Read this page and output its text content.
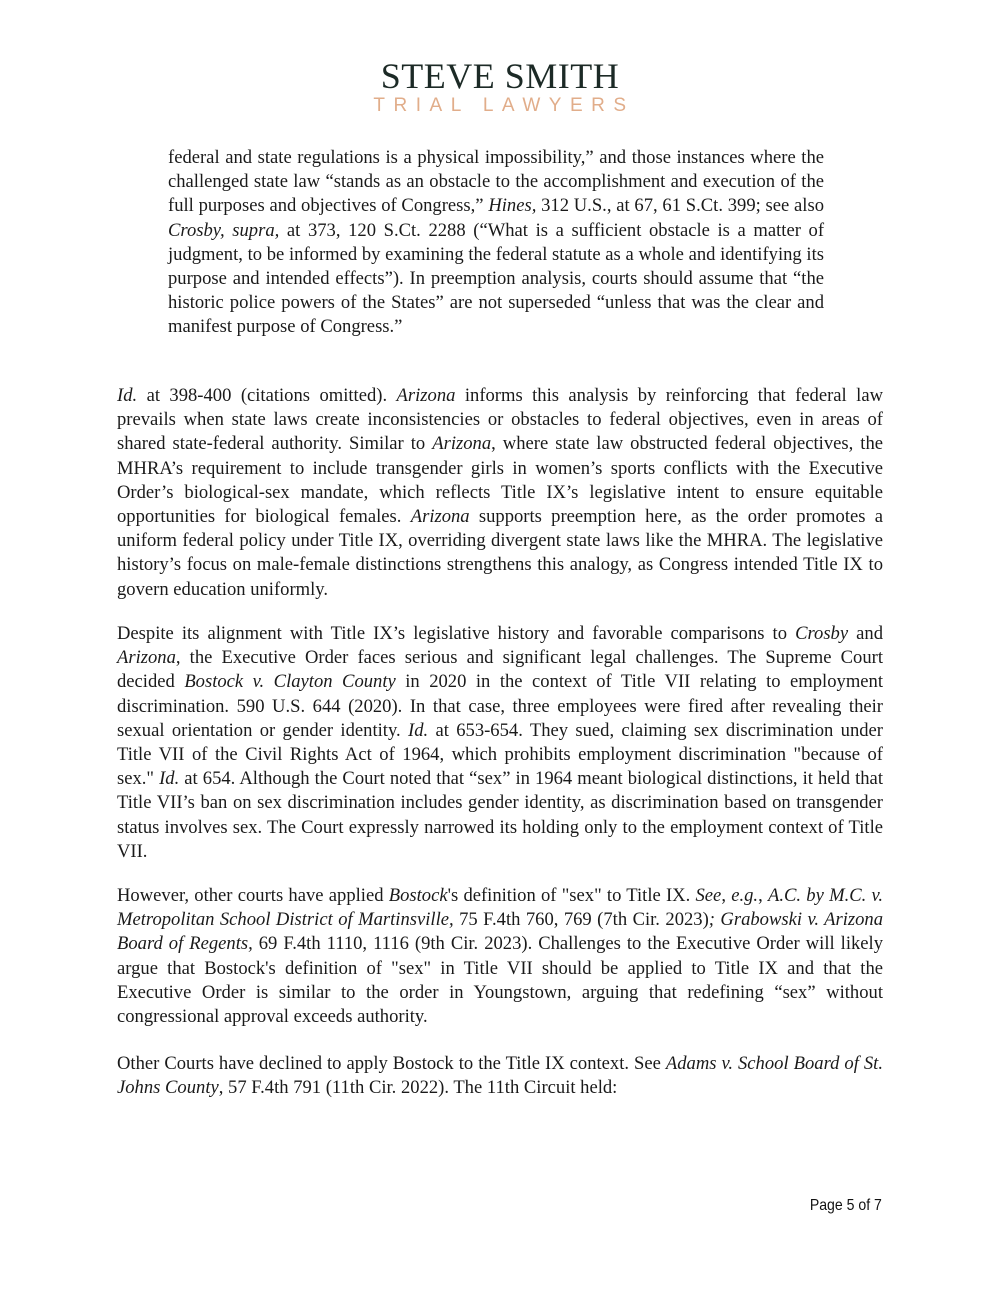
STEVE SMITH
TRIAL LAWYERS

federal and state regulations is a physical impossibility,” and those instances where the challenged state law “stands as an obstacle to the accomplishment and execution of the full purposes and objectives of Congress,” Hines, 312 U.S., at 67, 61 S.Ct. 399; see also Crosby, supra, at 373, 120 S.Ct. 2288 (“What is a sufficient obstacle is a matter of judgment, to be informed by examining the federal statute as a whole and identifying its purpose and intended effects”). In preemption analysis, courts should assume that “the historic police powers of the States” are not superseded “unless that was the clear and manifest purpose of Congress.”

Id. at 398-400 (citations omitted). Arizona informs this analysis by reinforcing that federal law prevails when state laws create inconsistencies or obstacles to federal objectives, even in areas of shared state-federal authority. Similar to Arizona, where state law obstructed federal objectives, the MHRA’s requirement to include transgender girls in women’s sports conflicts with the Executive Order’s biological-sex mandate, which reflects Title IX’s legislative intent to ensure equitable opportunities for biological females. Arizona supports preemption here, as the order promotes a uniform federal policy under Title IX, overriding divergent state laws like the MHRA. The legislative history’s focus on male-female distinctions strengthens this analogy, as Congress intended Title IX to govern education uniformly.

Despite its alignment with Title IX’s legislative history and favorable comparisons to Crosby and Arizona, the Executive Order faces serious and significant legal challenges. The Supreme Court decided Bostock v. Clayton County in 2020 in the context of Title VII relating to employment discrimination. 590 U.S. 644 (2020). In that case, three employees were fired after revealing their sexual orientation or gender identity. Id. at 653-654. They sued, claiming sex discrimination under Title VII of the Civil Rights Act of 1964, which prohibits employment discrimination "because of sex." Id. at 654. Although the Court noted that “sex” in 1964 meant biological distinctions, it held that Title VII’s ban on sex discrimination includes gender identity, as discrimination based on transgender status involves sex. The Court expressly narrowed its holding only to the employment context of Title VII.

However, other courts have applied Bostock's definition of "sex" to Title IX. See, e.g., A.C. by M.C. v. Metropolitan School District of Martinsville, 75 F.4th 760, 769 (7th Cir. 2023); Grabowski v. Arizona Board of Regents, 69 F.4th 1110, 1116 (9th Cir. 2023). Challenges to the Executive Order will likely argue that Bostock's definition of "sex" in Title VII should be applied to Title IX and that the Executive Order is similar to the order in Youngstown, arguing that redefining “sex” without congressional approval exceeds authority.

Other Courts have declined to apply Bostock to the Title IX context. See Adams v. School Board of St. Johns County, 57 F.4th 791 (11th Cir. 2022). The 11th Circuit held:

Page 5 of 7
